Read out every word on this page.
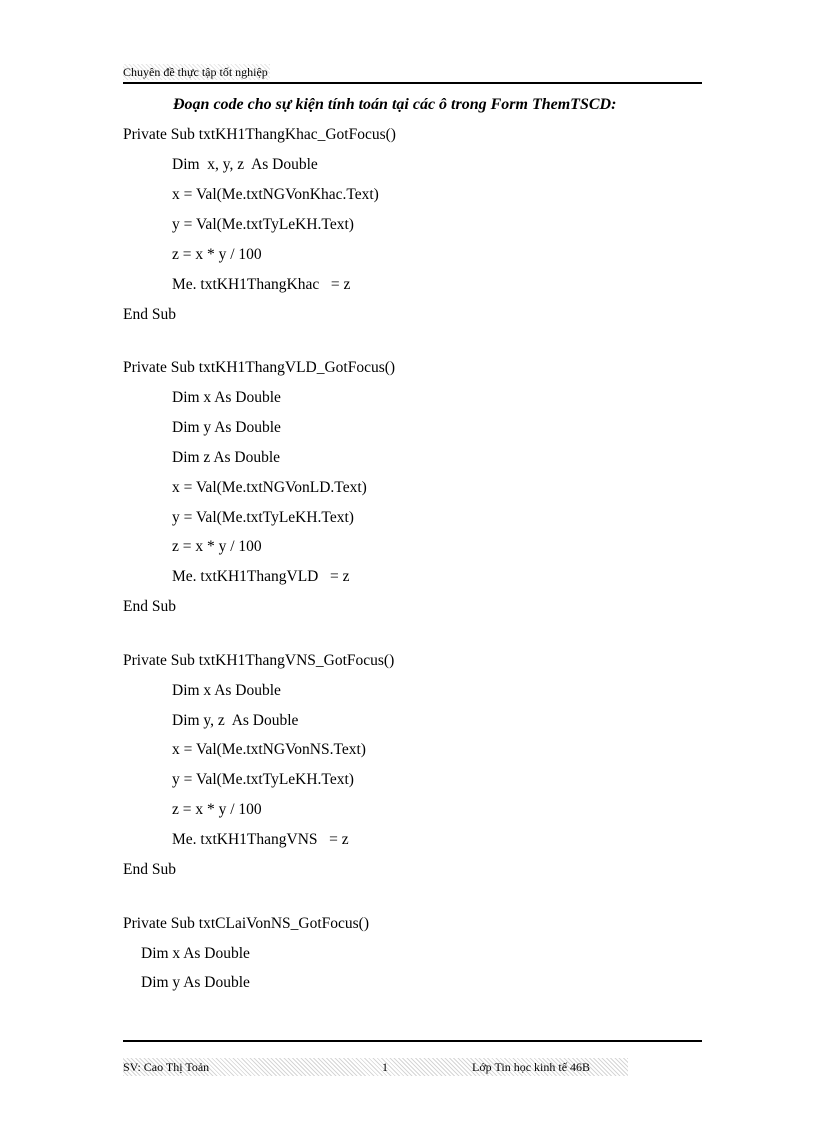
Chuyên đề thực tập tốt nghiệp
Đoạn code cho sự kiện tính toán tại các ô trong Form ThemTSCD:
Private Sub txtKH1ThangKhac_GotFocus()
Dim  x, y, z  As Double
x = Val(Me.txtNGVonKhac.Text)
y = Val(Me.txtTyLeKH.Text)
z = x * y / 100
Me. txtKH1ThangKhac   = z
End Sub
Private Sub txtKH1ThangVLD_GotFocus()
Dim x As Double
Dim y As Double
Dim z As Double
x = Val(Me.txtNGVonLD.Text)
y = Val(Me.txtTyLeKH.Text)
z = x * y / 100
Me. txtKH1ThangVLD   = z
End Sub
Private Sub txtKH1ThangVNS_GotFocus()
Dim x As Double
Dim y, z  As Double
x = Val(Me.txtNGVonNS.Text)
y = Val(Me.txtTyLeKH.Text)
z = x * y / 100
Me. txtKH1ThangVNS   = z
End Sub
Private Sub txtCLaiVonNS_GotFocus()
Dim x As Double
Dim y As Double
SV: Cao Thị Toản	1	Lớp Tin học kinh tế 46B
